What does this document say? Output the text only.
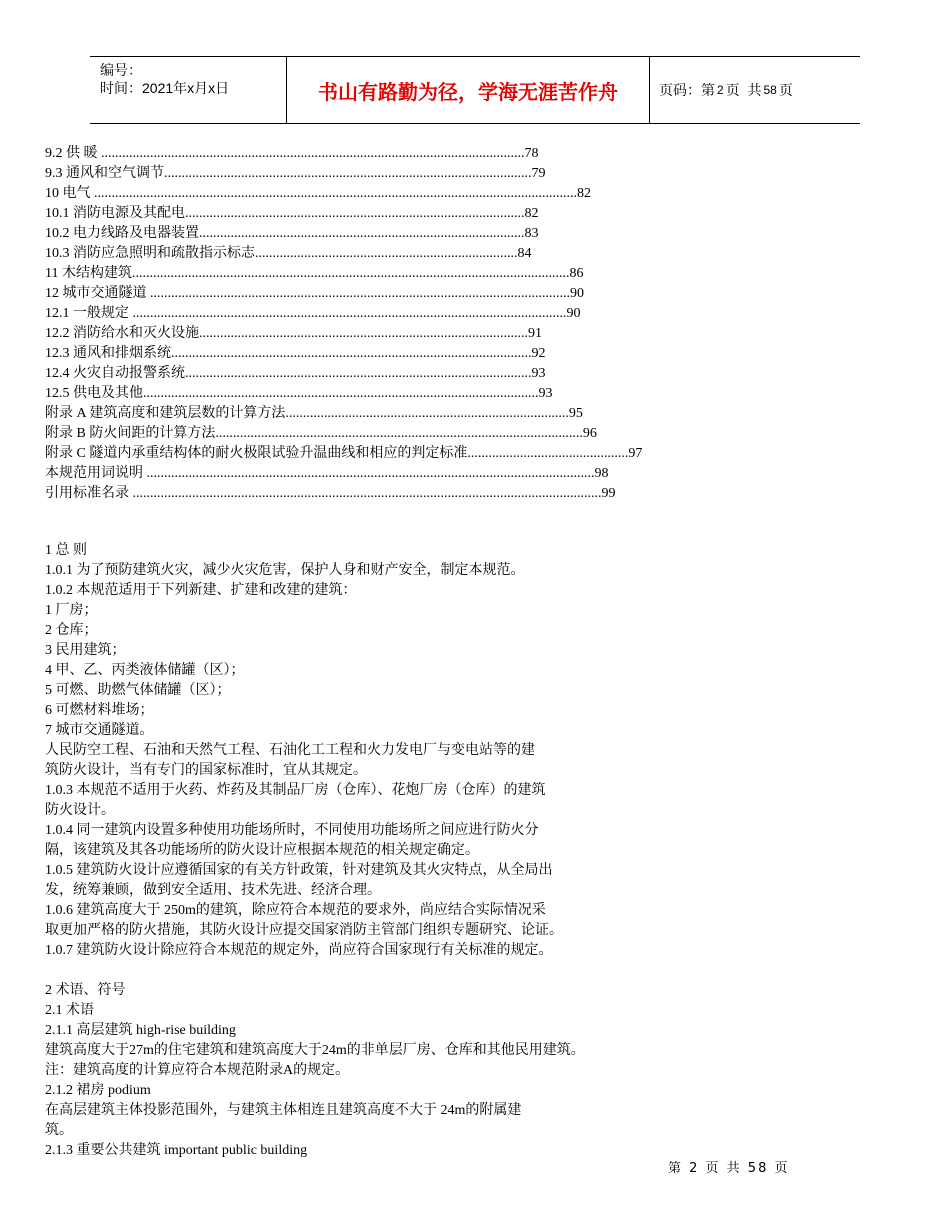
编号：
时间：2021年x月x日	书山有路勤为径，学海无涯苦作舟	页码：第 2 页  共 58 页
9.2 供 暖 .........................................................................................................................78
9.3 通风和空气调节.........................................................................................................79
10 电气 ..........................................................................................................................................82
10.1 消防电源及其配电.................................................................................................82
10.2 电力线路及电器装置.............................................................................................83
10.3 消防应急照明和疏散指示标志...........................................................................84
11 木结构建筑.............................................................................................................................86
12 城市交通隧道 ........................................................................................................................90
12.1 一般规定 ............................................................................................................................90
12.2 消防给水和灭火设施..............................................................................................91
12.3 通风和排烟系统.......................................................................................................92
12.4 火灾自动报警系统...................................................................................................93
12.5 供电及其他.................................................................................................................93
附录 A 建筑高度和建筑层数的计算方法.................................................................................95
附录 B 防火间距的计算方法.........................................................................................................96
附录 C 隧道内承重结构体的耐火极限试验升温曲线和相应的判定标准..............................................97
本规范用词说明 ................................................................................................................................98
引用标准名录 ......................................................................................................................................99
1 总 则
1.0.1 为了预防建筑火灾，减少火灾危害，保护人身和财产安全，制定本规范。
1.0.2 本规范适用于下列新建、扩建和改建的建筑：
1 厂房；
2 仓库；
3 民用建筑；
4 甲、乙、丙类液体储罐（区）；
5 可燃、助燃气体储罐（区）；
6 可燃材料堆场；
7 城市交通隧道。
人民防空工程、石油和天然气工程、石油化工工程和火力发电厂与变电站等的建
筑防火设计，当有专门的国家标准时，宜从其规定。
1.0.3 本规范不适用于火药、炸药及其制品厂房（仓库）、花炮厂房（仓库）的建筑
防火设计。
1.0.4 同一建筑内设置多种使用功能场所时，不同使用功能场所之间应进行防火分
隔，该建筑及其各功能场所的防火设计应根据本规范的相关规定确定。
1.0.5 建筑防火设计应遵循国家的有关方针政策，针对建筑及其火灾特点，从全局出
发，统筹兼顾，做到安全适用、技术先进、经济合理。
1.0.6 建筑高度大于 250m的建筑，除应符合本规范的要求外，尚应结合实际情况采
取更加严格的防火措施，其防火设计应提交国家消防主管部门组织专题研究、论证。
1.0.7 建筑防火设计除应符合本规范的规定外，尚应符合国家现行有关标准的规定。
2 术语、符号
2.1 术语
2.1.1 高层建筑 high-rise building
建筑高度大于27m的住宅建筑和建筑高度大于24m的非单层厂房、仓库和其他民用建筑。
注：建筑高度的计算应符合本规范附录A的规定。
2.1.2 裙房 podium
在高层建筑主体投影范围外，与建筑主体相连且建筑高度不大于 24m的附属建
筑。
2.1.3 重要公共建筑 important public building
第 2 页 共 58 页
